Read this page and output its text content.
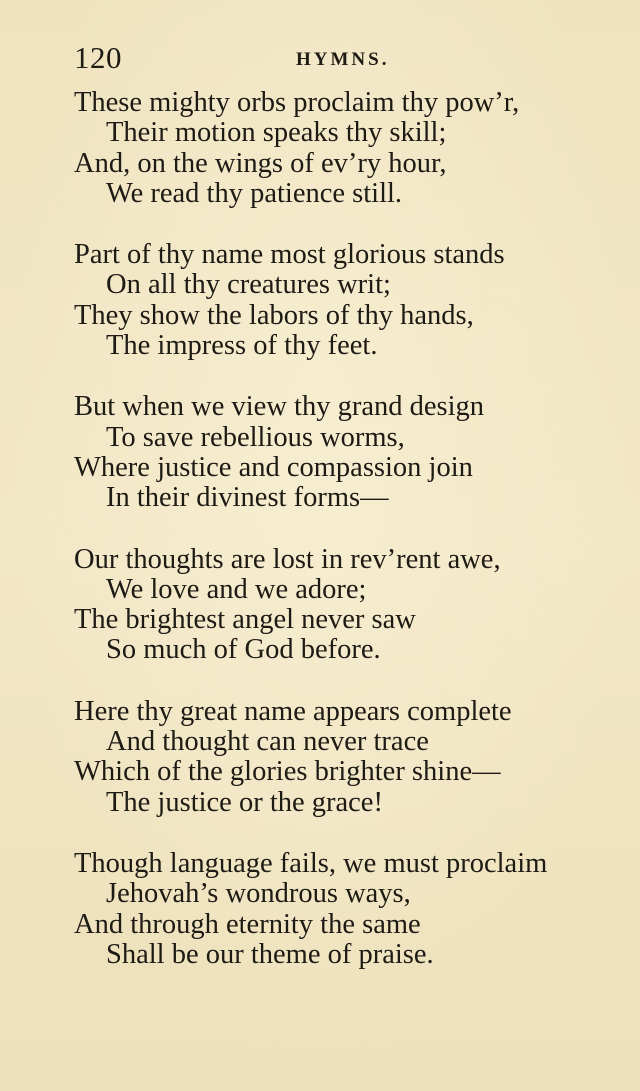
120	HYMNS.
These mighty orbs proclaim thy pow’r,
Their motion speaks thy skill;
And, on the wings of ev’ry hour,
We read thy patience still.
Part of thy name most glorious stands
On all thy creatures writ;
They show the labors of thy hands,
The impress of thy feet.
But when we view thy grand design
To save rebellious worms,
Where justice and compassion join
In their divinest forms—
Our thoughts are lost in rev’rent awe,
We love and we adore;
The brightest angel never saw
So much of God before.
Here thy great name appears complete
And thought can never trace
Which of the glories brighter shine—
The justice or the grace!
Though language fails, we must proclaim
Jehovah’s wondrous ways,
And through eternity the same
Shall be our theme of praise.
